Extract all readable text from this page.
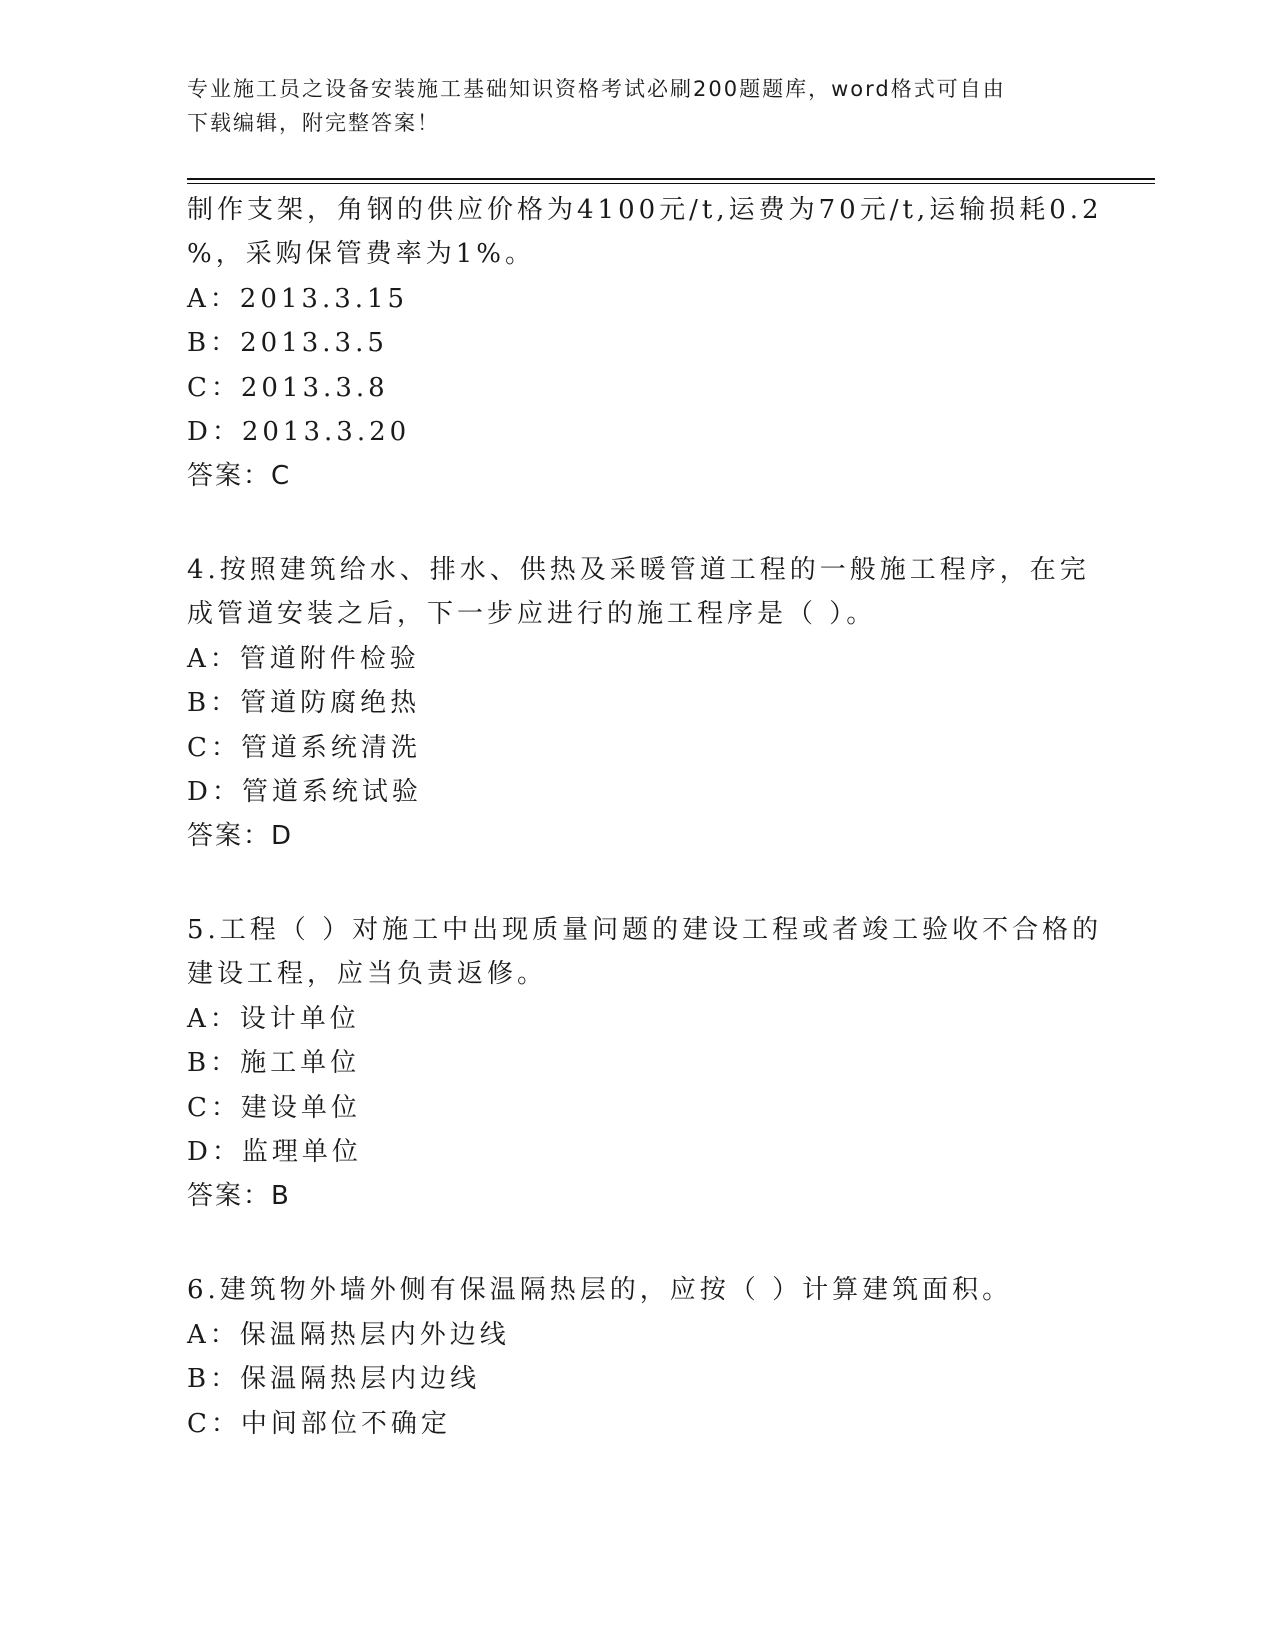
专业施工员之设备安装施工基础知识资格考试必刷200题题库，word格式可自由
下载编辑，附完整答案！
制作支架，角钢的供应价格为4100元/t,运费为70元/t,运输损耗0.2
%，采购保管费率为1%。
A：2013.3.15
B：2013.3.5
C：2013.3.8
D：2013.3.20
答案：C
4.按照建筑给水、排水、供热及采暖管道工程的一般施工程序，在完
成管道安装之后，下一步应进行的施工程序是（ ）。
A：管道附件检验
B：管道防腐绝热
C：管道系统清洗
D：管道系统试验
答案：D
5.工程（ ）对施工中出现质量问题的建设工程或者竣工验收不合格的
建设工程，应当负责返修。
A：设计单位
B：施工单位
C：建设单位
D：监理单位
答案：B
6.建筑物外墙外侧有保温隔热层的，应按（ ）计算建筑面积。
A：保温隔热层内外边线
B：保温隔热层内边线
C：中间部位不确定
